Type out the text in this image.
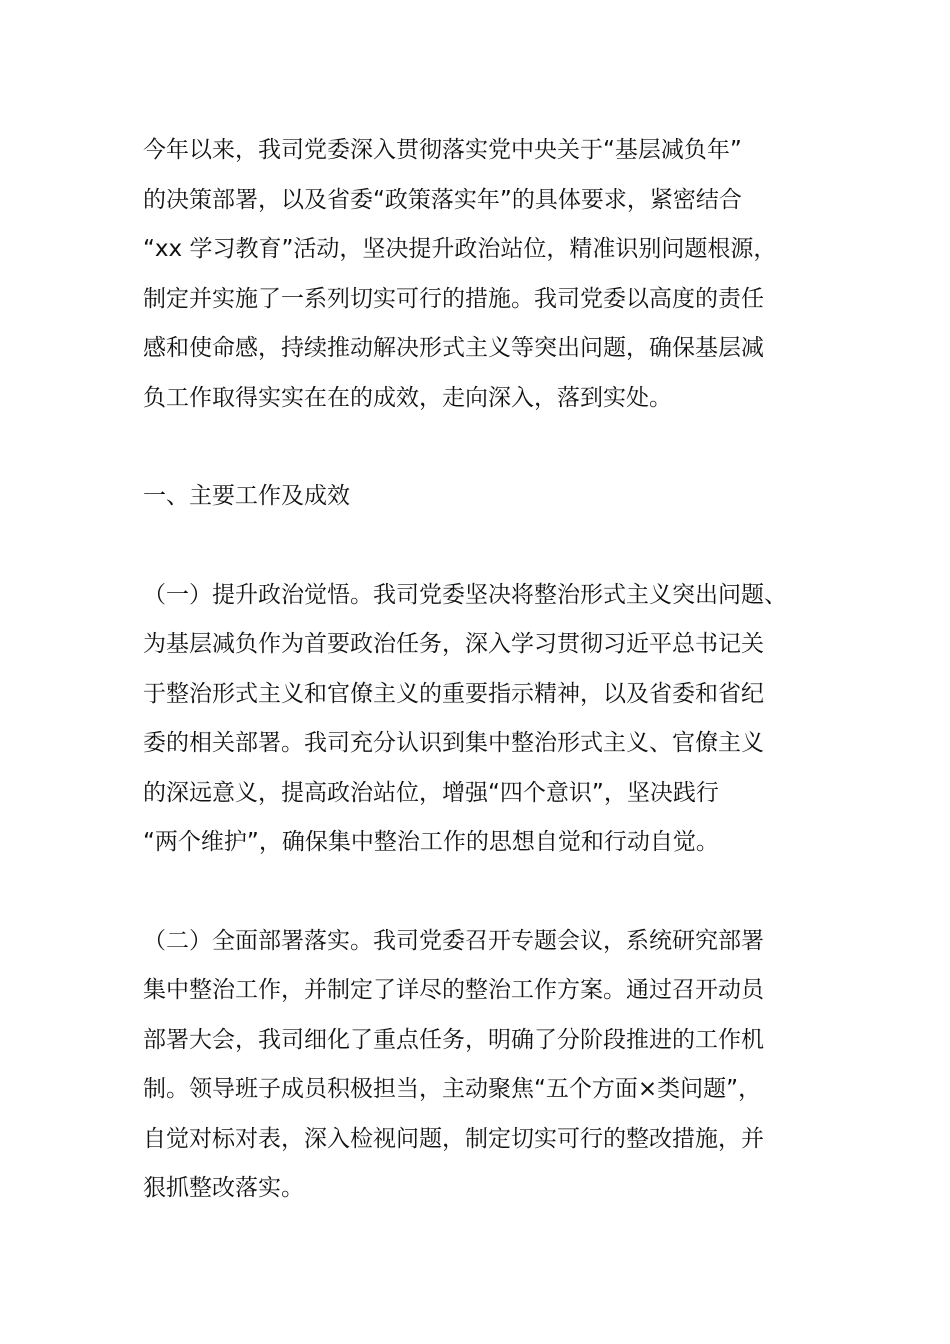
今年以来，我司党委深入贯彻落实党中央关于“基层减负年”
的决策部署，以及省委“政策落实年”的具体要求，紧密结合
“xx 学习教育”活动，坚决提升政治站位，精准识别问题根源，
制定并实施了一系列切实可行的措施。我司党委以高度的责任
感和使命感，持续推动解决形式主义等突出问题，确保基层减
负工作取得实实在在的成效，走向深入，落到实处。
一、主要工作及成效
（一）提升政治觉悟。我司党委坚决将整治形式主义突出问题、
为基层减负作为首要政治任务，深入学习贯彻习近平总书记关
于整治形式主义和官僚主义的重要指示精神，以及省委和省纪
委的相关部署。我司充分认识到集中整治形式主义、官僚主义
的深远意义，提高政治站位，增强“四个意识”，坚决践行
“两个维护”，确保集中整治工作的思想自觉和行动自觉。
（二）全面部署落实。我司党委召开专题会议，系统研究部署
集中整治工作，并制定了详尽的整治工作方案。通过召开动员
部署大会，我司细化了重点任务，明确了分阶段推进的工作机
制。领导班子成员积极担当，主动聚焦“五个方面×类问题”，
自觉对标对表，深入检视问题，制定切实可行的整改措施，并
狠抓整改落实。
